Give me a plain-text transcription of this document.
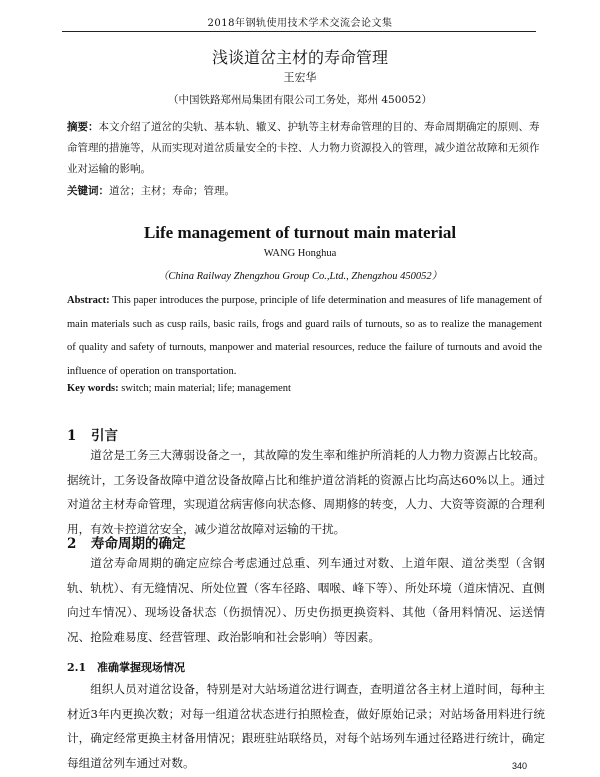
2018年钢轨使用技术学术交流会论文集
浅谈道岔主材的寿命管理
王宏华
（中国铁路郑州局集团有限公司工务处，郑州 450052）
摘要：本文介绍了道岔的尖轨、基本轨、辙叉、护轨等主材寿命管理的目的、寿命周期确定的原则、寿命管理的措施等，从而实现对道岔质量安全的卡控、人力物力资源投入的管理，减少道岔故障和无须作业对运输的影响。
关键词：道岔；主材；寿命；管理。
Life management of turnout main material
WANG Honghua
（China Railway Zhengzhou Group Co.,Ltd., Zhengzhou 450052）
Abstract: This paper introduces the purpose, principle of life determination and measures of life management of main materials such as cusp rails, basic rails, frogs and guard rails of turnouts, so as to realize the management of quality and safety of turnouts, manpower and material resources, reduce the failure of turnouts and avoid the influence of operation on transportation.
Key words: switch; main material; life; management
1 引言
道岔是工务三大薄弱设备之一，其故障的发生率和维护所消耗的人力物力资源占比较高。据统计，工务设备故障中道岔设备故障占比和维护道岔消耗的资源占比均高达60%以上。通过对道岔主材寿命管理，实现道岔病害修向状态修、周期修的转变，人力、大资等资源的合理利用，有效卡控道岔安全，减少道岔故障对运输的干扰。
2 寿命周期的确定
道岔寿命周期的确定应综合考虑通过总重、列车通过对数、上道年限、道岔类型（含钢轨、轨枕）、有无缝情况、所处位置（客车径路、咽喉、峰下等）、所处环境（道床情况、直侧向过车情况）、现场设备状态（伤损情况）、历史伤损更换资料、其他（备用料情况、运送情况、抢险难易度、经营管理、政治影响和社会影响）等因素。
2.1 准确掌握现场情况
组织人员对道岔设备，特别是对大站场道岔进行调查，查明道岔各主材上道时间，每种主材近3年内更换次数；对每一组道岔状态进行拍照检查，做好原始记录；对站场备用料进行统计，确定经常更换主材备用情况；跟班驻站联络员，对每个站场列车通过径路进行统计，确定每组道岔列车通过对数。	340
